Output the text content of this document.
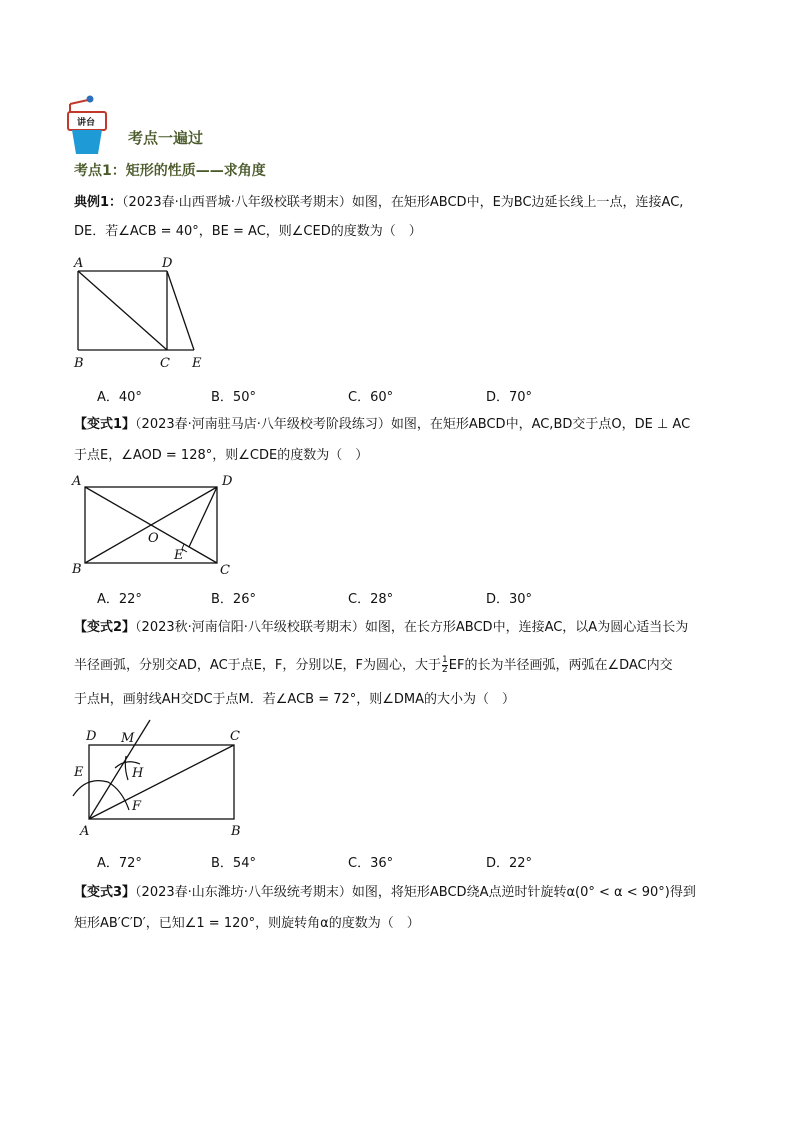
讲台
考点一遍过
考点1：矩形的性质——求角度
典例1：（2023春·山西晋城·八年级校联考期末）如图，在矩形ABCD中，E为BC边延长线上一点，连接AC,
DE．若∠ACB = 40°，BE = AC，则∠CED的度数为（　）
A	D
B	C E
A．40°	B．50°	C．60°	D．70°
【变式1】（2023春·河南驻马店·八年级校考阶段练习）如图，在矩形ABCD中，AC,BD交于点O，DE ⊥ AC
于点E，∠AOD = 128°，则∠CDE的度数为（　）
A	D
B	C
O
E
A．22°	B．26°	C．28°	D．30°
【变式2】（2023秋·河南信阳·八年级校联考期末）如图，在长方形ABCD中，连接AC，以A为圆心适当长为
半径画弧，分别交AD，AC于点E，F，分别以E，F为圆心，大于 $\frac{1}{2}$ EF的长为半径画弧，两弧在∠DAC内交
于点H，画射线AH交DC于点M．若∠ACB = 72°，则∠DMA的大小为（　）
D M	C
E	H
F
A	B
A．72°	B．54°	C．36°	D．22°
【变式3】（2023春·山东潍坊·八年级统考期末）如图，将矩形ABCD绕A点逆时针旋转α(0° < α < 90°)得到
矩形AB′C′D′，已知∠1 = 120°，则旋转角α的度数为（　）
